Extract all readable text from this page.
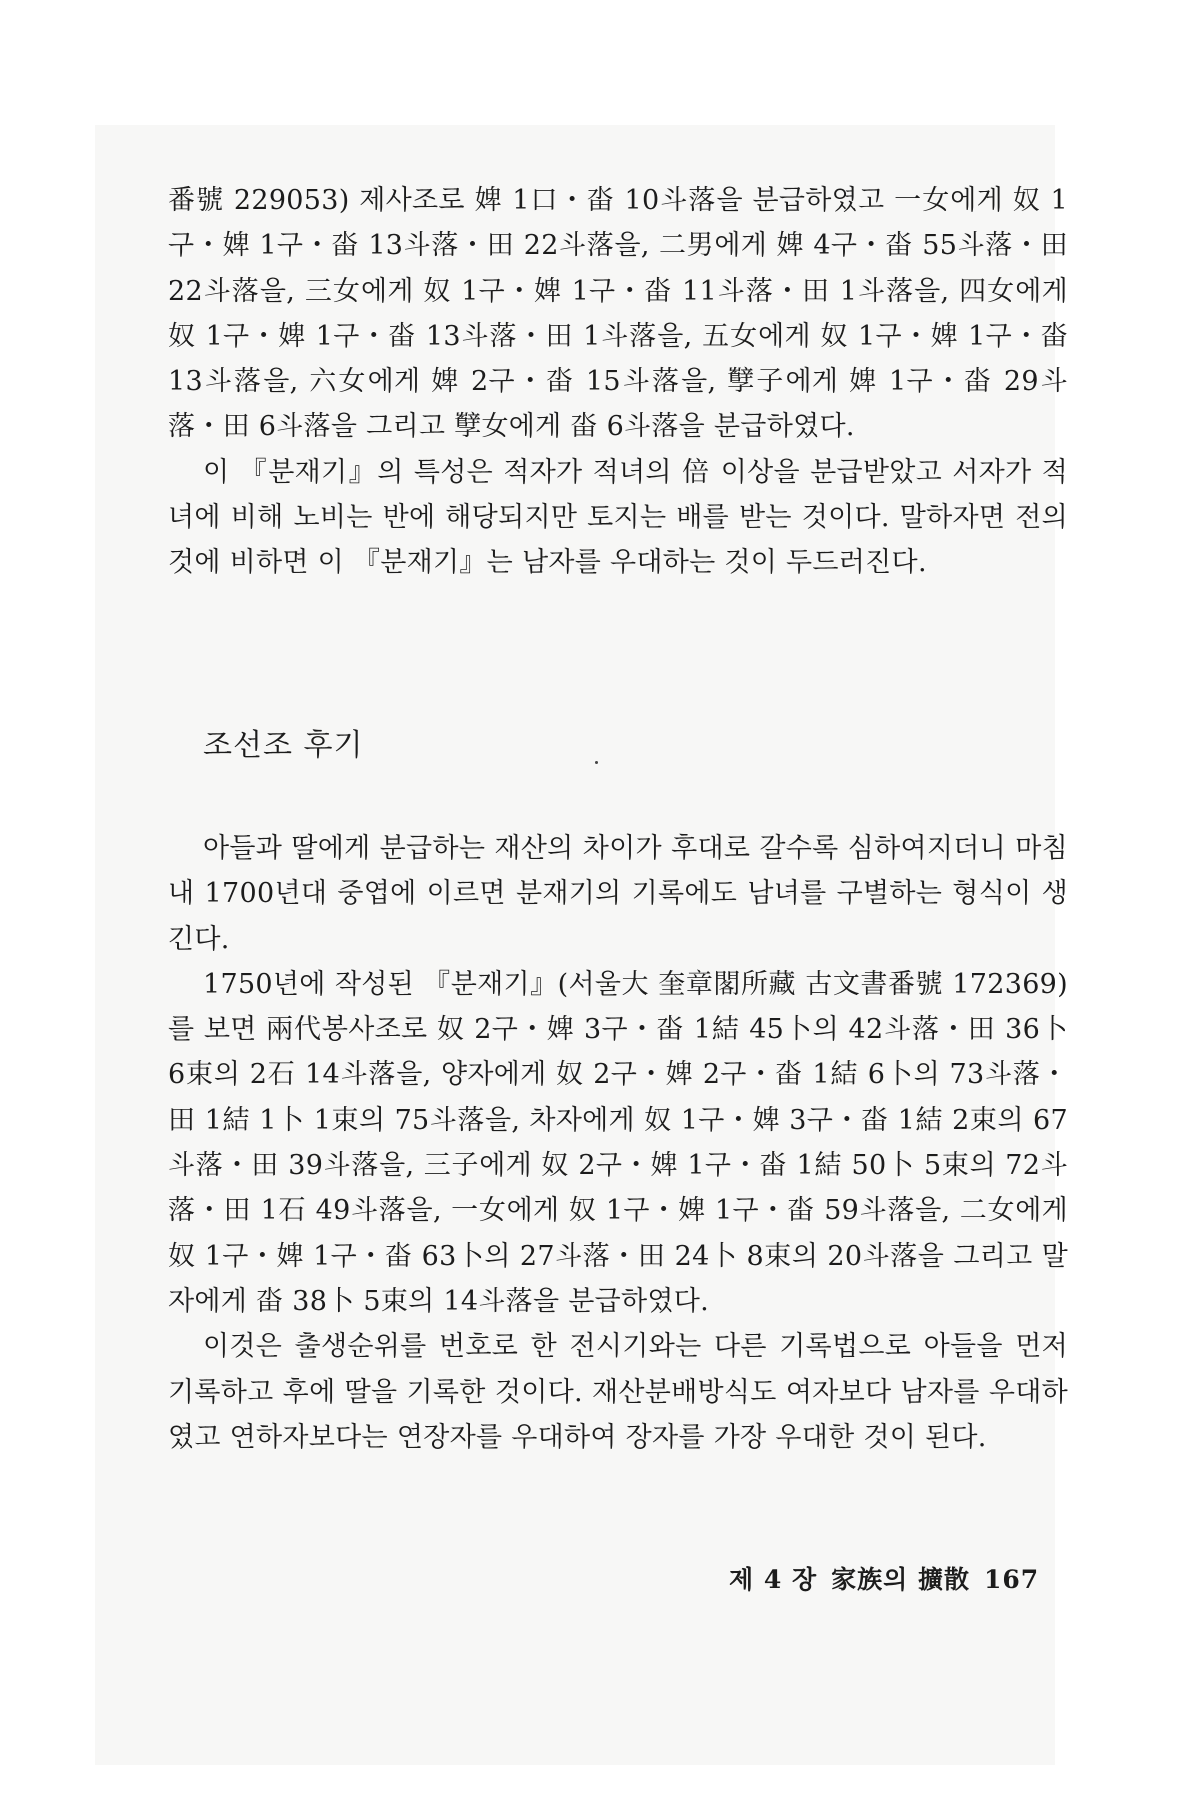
番號 229053) 제사조로 婢 1口・畓 10斗落을 분급하였고 一女에게 奴 1구・婢 1구・畓 13斗落・田 22斗落을, 二男에게 婢 4구・畓 55斗落・田 22斗落을, 三女에게 奴 1구・婢 1구・畓 11斗落・田 1斗落을, 四女에게 奴 1구・婢 1구・畓 13斗落・田 1斗落을, 五女에게 奴 1구・婢 1구・畓 13斗落을, 六女에게 婢 2구・畓 15斗落을, 孼子에게 婢 1구・畓 29斗落・田 6斗落을 그리고 孼女에게 畓 6斗落을 분급하였다.

이 『분재기』의 특성은 적자가 적녀의 倍 이상을 분급받았고 서자가 적녀에 비해 노비는 반에 해당되지만 토지는 배를 받는 것이다. 말하자면 전의 것에 비하면 이 『분재기』는 남자를 우대하는 것이 두드러진다.

조선조 후기

아들과 딸에게 분급하는 재산의 차이가 후대로 갈수록 심하여지더니 마침내 1700년대 중엽에 이르면 분재기의 기록에도 남녀를 구별하는 형식이 생긴다.

1750년에 작성된 『분재기』(서울大 奎章閣所藏 古文書番號 172369)를 보면 兩代봉사조로 奴 2구・婢 3구・畓 1結 45卜의 42斗落・田 36卜 6束의 2石 14斗落을, 양자에게 奴 2구・婢 2구・畓 1結 6卜의 73斗落・田 1結 1卜 1束의 75斗落을, 차자에게 奴 1구・婢 3구・畓 1結 2束의 67斗落・田 39斗落을, 三子에게 奴 2구・婢 1구・畓 1結 50卜 5束의 72斗落・田 1石 49斗落을, 一女에게 奴 1구・婢 1구・畓 59斗落을, 二女에게 奴 1구・婢 1구・畓 63卜의 27斗落・田 24卜 8束의 20斗落을 그리고 말자에게 畓 38卜 5束의 14斗落을 분급하였다.

이것은 출생순위를 번호로 한 전시기와는 다른 기록법으로 아들을 먼저 기록하고 후에 딸을 기록한 것이다. 재산분배방식도 여자보다 남자를 우대하였고 연하자보다는 연장자를 우대하여 장자를 가장 우대한 것이 된다.

제 4 장 家族의 擴散 167
